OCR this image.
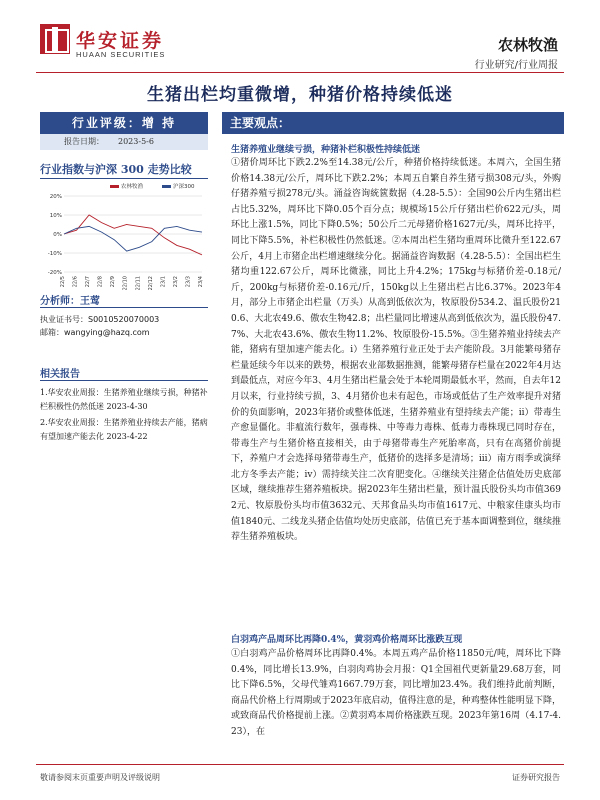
华安证券
HUAAN SECURITIES
农林牧渔
行业研究/行业周报
生猪出栏均重微增，种猪价格持续低迷
行业评级：增 持
报告日期： 2023-5-6
行业指数与沪深 300 走势比较
20%
10%
0%
-10%
-20%
22/5 22/6 22/7 22/8 22/9 22/10 22/11 22/12 23/1 23/2 23/3 23/4
农林牧渔	沪深300
分析师：王莺
执业证书号：S0010520070003
邮箱：wangying@hazq.com
相关报告
1.华安农业周报：生猪养殖业继续亏损，种猪补栏积极性仍然低迷 2023-4-30
2.华安农业周报：生猪养殖业持续去产能，猪病有望加速产能去化 2023-4-22
主要观点：
生猪养殖业继续亏损，种猪补栏积极性持续低迷
①猪价周环比下跌2.2%至14.38元/公斤，种猪价格持续低迷。本周六，全国生猪价格14.38元/公斤，周环比下跌2.2%；本周五自繁自养生猪亏损308元/头，外购仔猪养殖亏损278元/头。涌益咨询統篋数据（4.28-5.5）：全国90公斤内生猪出栏占比5.32%，周环比下降0.05个百分点；规模场15公斤仔猪出栏价622元/头，周环比上涨1.5%，同比下降0.5%；50公斤二元母猪价格1627元/头，周环比持平，同比下降5.5%，补栏积极性仍然低迷。②本周出栏生猪均重周环比微升至122.67公斤，4月上市猪企出栏增速继续分化。据涌益咨询数据（4.28-5.5）：全国出栏生猪均重122.67公斤，周环比微涨，同比上升4.2%；175kg与标猪价差-0.18元/斤，200kg与标猪价差-0.16元/斤，150kg以上生猪出栏占比6.37%。2023年4月，部分上市猪企出栏量（万头）从高到低依次为，牧原股份534.2、温氏股份210.6、大北农49.6、傲农生物42.8；出栏量同比增速从高到低依次为，温氏股份47.7%、大北农43.6%、傲农生物11.2%、牧原股份-15.5%。③生猪养殖业持续去产能，猪病有望加速产能去化。i）生猪养殖行业正处于去产能阶段。3月能繁母猪存栏量延续今年以来的跌势，根据农业部数据推测，能繁母猪存栏量在2022年4月达到最低点，对应今年3、4月生猪出栏量会处于本轮周期最低水平，然而，自去年12月以来，行业持续亏损，3、4月猪价也未有起色，市场或低估了生产效率提升对猪价的负面影响，2023年猪价或整体低迷，生猪养殖业有望持续去产能；ii）带毒生产愈显僵化。非瘟流行数年，强毒株、中等毒力毒株、低毒力毒株现已同时存在，带毒生产与生猪价格直接相关，由于母猪带毒生产死胎率高，只有在高猪价前提下，养殖户才会选择母猪带毒生产，低猪价的选择多是清场；iii）南方雨季或演绎北方冬季去产能；iv）需持续关注二次育肥变化。④继续关注猪企估值处历史底部区域，继续推荐生猪养殖板块。据2023年生猪出栏量，预计温氏股份头均市值3692元、牧原股份头均市值3632元、天邦食品头均市值1617元、中粮家佳康头均市值1840元、二线龙头猪企估值均处历史底部，估值已充于基本面调整到位，继续推荐生猪养殖板块。
白羽鸡产品周环比再降0.4%，黄羽鸡价格周环比涨跌互现
①白羽鸡产品价格周环比再降0.4%。本周五鸡产品价格11850元/吨，周环比下降0.4%，同比增长13.9%，白羽肉鸡协会月报：Q1全国祖代更新量29.68万套，同比下降6.5%，父母代雏鸡1667.79万套，同比增加23.4%。我们维持此前判断，商品代价格上行周期或于2023年底启动，值得注意的是，种鸡整体性能明显下降，或致商品代价格提前上涨。②黄羽鸡本周价格涨跌互现。2023年第16周（4.17-4.23），在
敬请参阅末页重要声明及评级说明	证券研究报告
